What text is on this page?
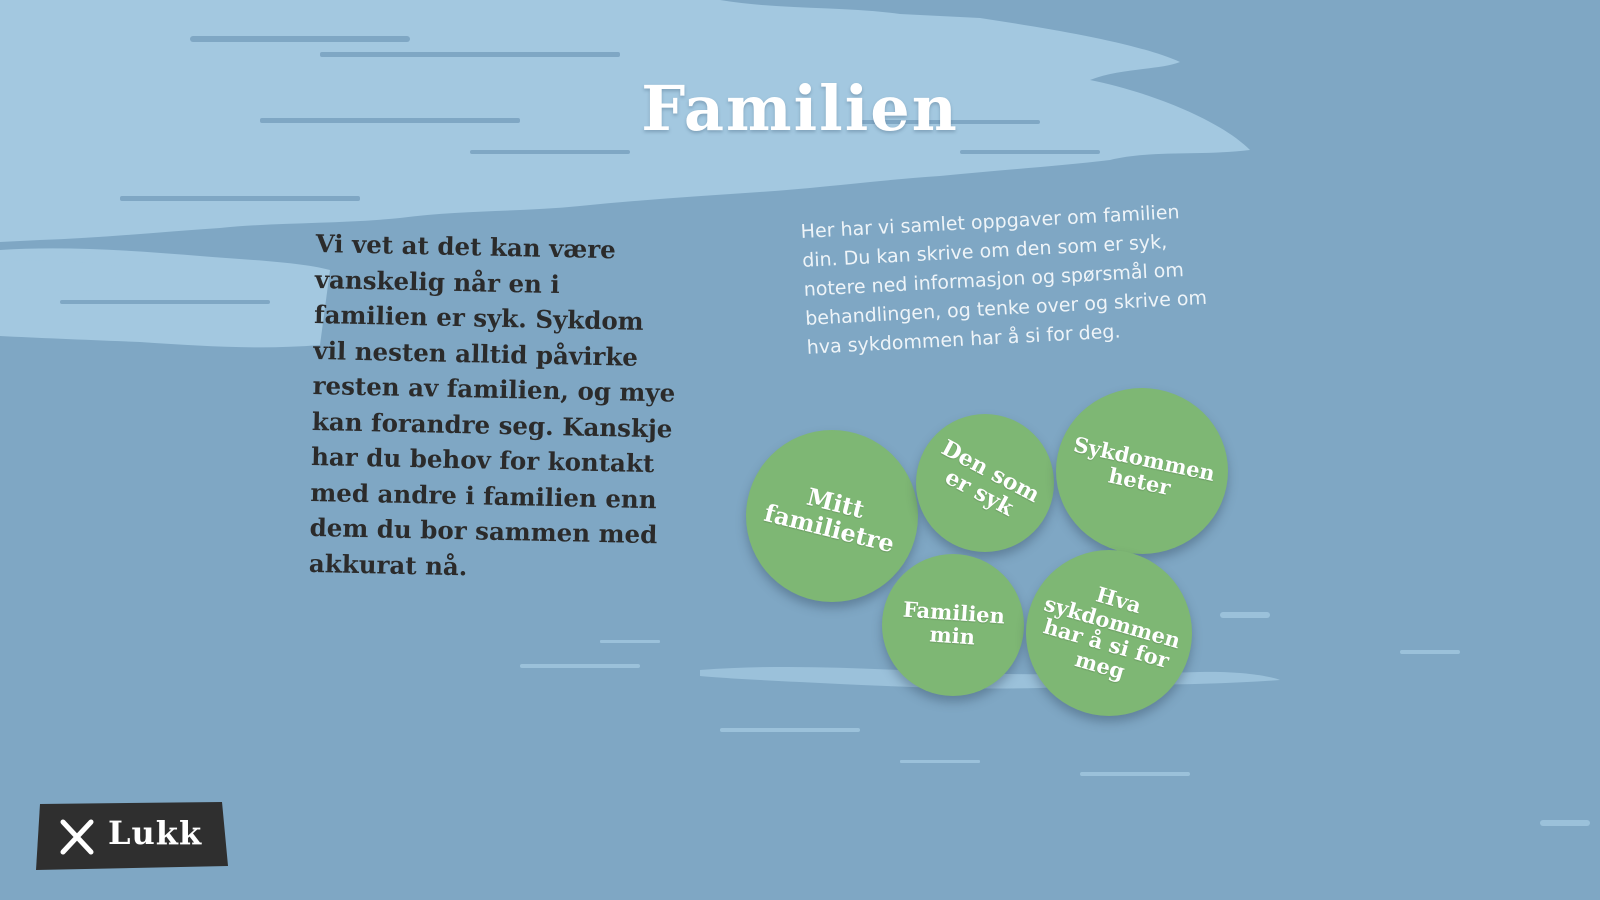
Familien
Vi vet at det kan være
vanskelig når en i
familien er syk. Sykdom
vil nesten alltid påvirke
resten av familien, og mye
kan forandre seg. Kanskje
har du behov for kontakt
med andre i familien enn
dem du bor sammen med
akkurat nå.
Her har vi samlet oppgaver om familien
din. Du kan skrive om den som er syk,
notere ned informasjon og spørsmål om
behandlingen, og tenke over og skrive om
hva sykdommen har å si for deg.
Mitt
familietre
Den som
er syk
Sykdommen
heter
Familien
min
Hva
sykdommen
har å si for
meg
Lukk
